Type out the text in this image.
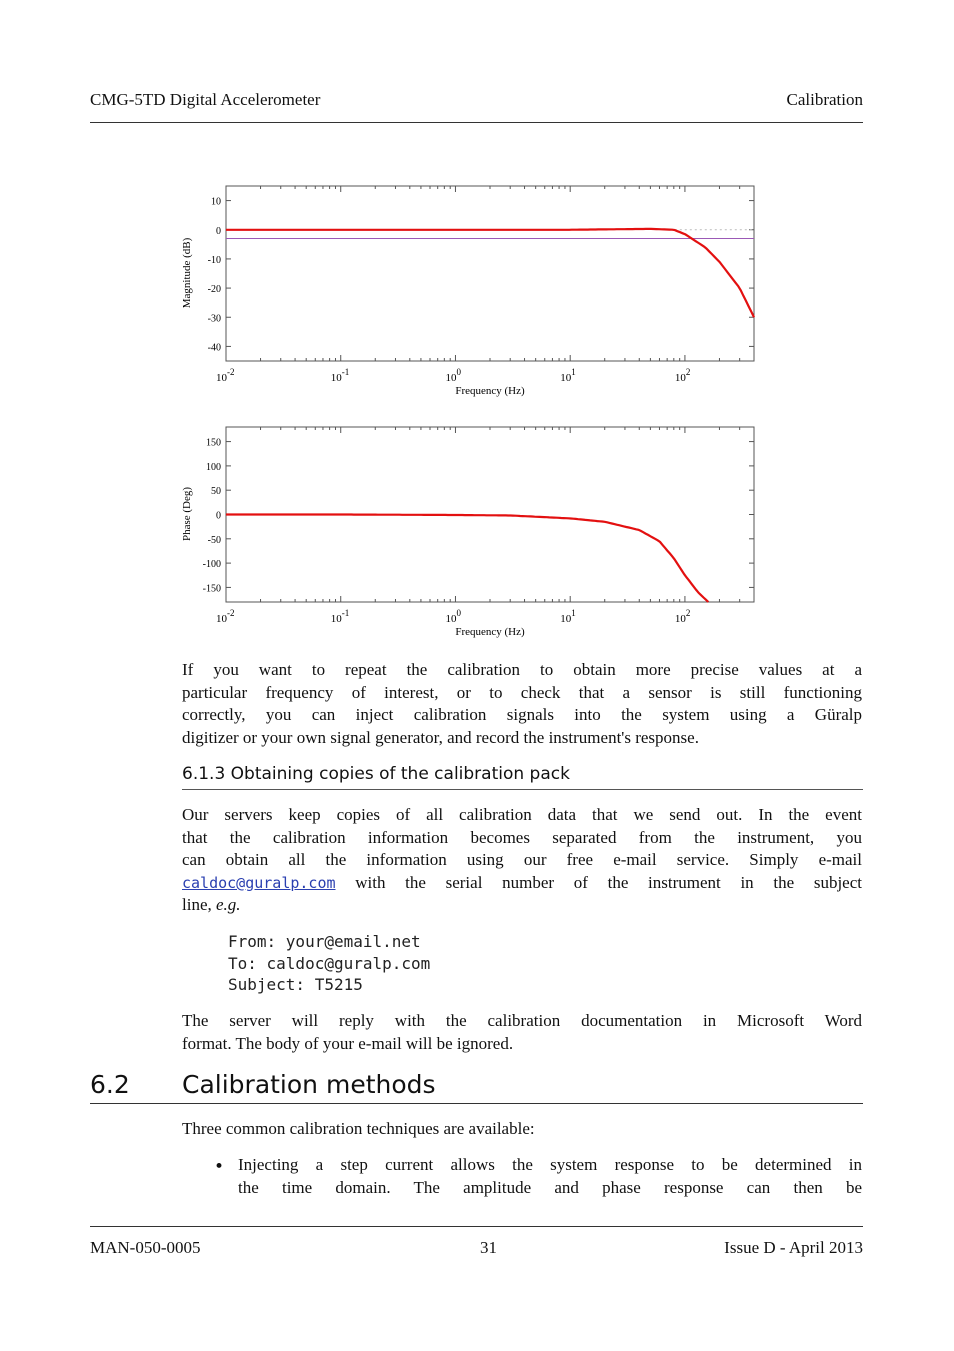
CMG-5TD Digital Accelerometer	Calibration
10
0
-10
-20
-30
-40
$10^{-2}$	$10^{-1}$	$10^0$	$10^1$	$10^2$
Magnitude (dB)
Frequency (Hz)
150
100
50
0
-50
-100
-150
$10^{-2}$	$10^{-1}$	$10^0$	$10^1$	$10^2$
Phase (Deg)
Frequency (Hz)
If you want to repeat the calibration to obtain more precise values at a
particular frequency of interest, or to check that a sensor is still functioning
correctly, you can inject calibration signals into the system using a Güralp
digitizer or your own signal generator, and record the instrument's response.
6.1.3 Obtaining copies of the calibration pack
Our servers keep copies of all calibration data that we send out. In the event
that the calibration information becomes separated from the instrument, you
can obtain all the information using our free e-mail service. Simply e-mail
caldoc@guralp.com with the serial number of the instrument in the subject
line, e.g.
From: your@email.net
To: caldoc@guralp.com
Subject: T5215
The server will reply with the calibration documentation in Microsoft Word
format. The body of your e-mail will be ignored.
6.2 Calibration methods
Three common calibration techniques are available:
• Injecting a step current allows the system response to be determined in
the time domain. The amplitude and phase response can then be
MAN-050-0005	31	Issue D - April 2013
